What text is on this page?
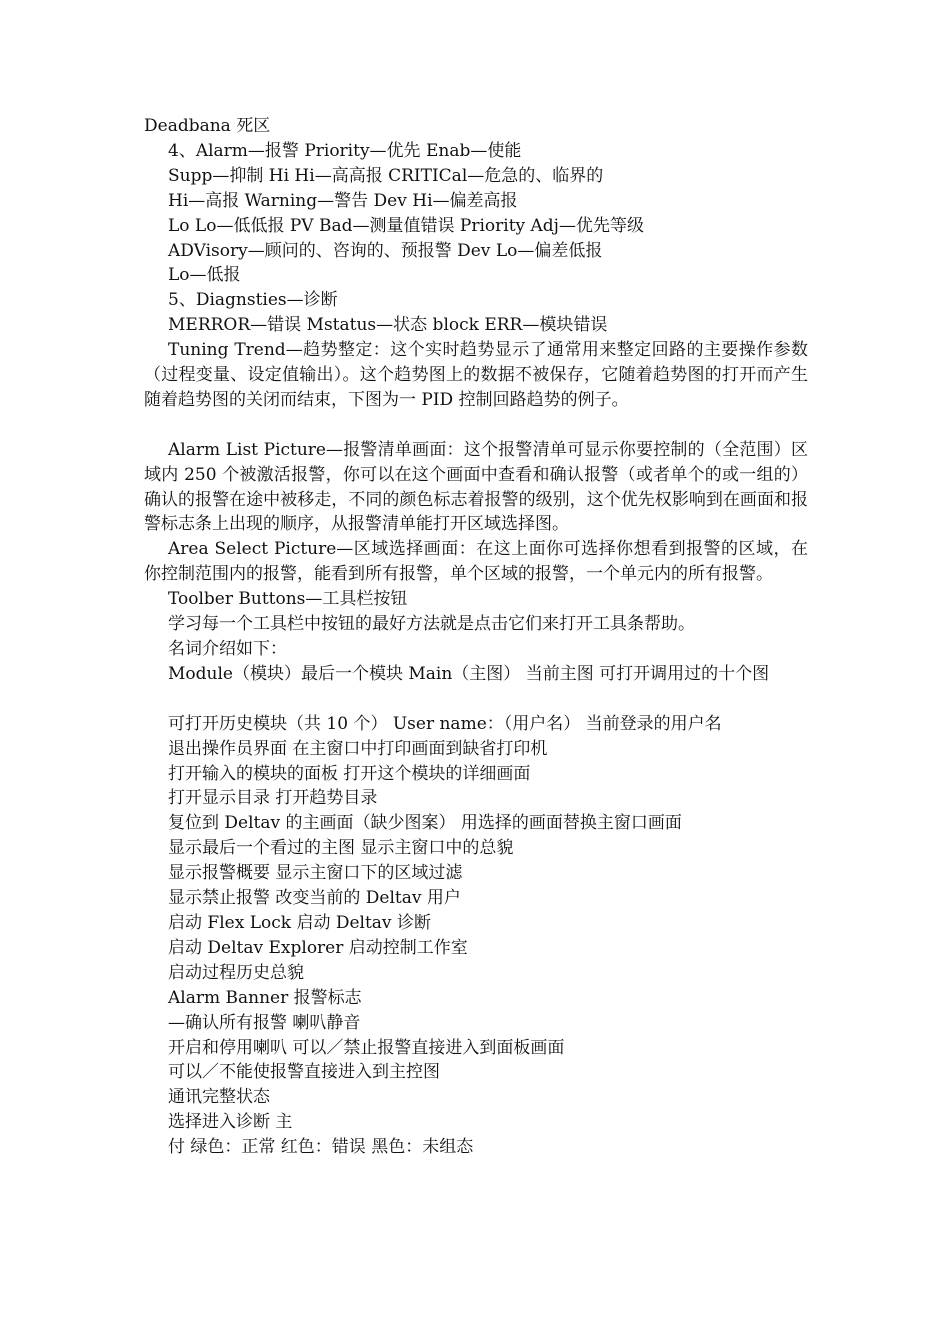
Deadbana 死区
4、Alarm—报警 Priority—优先 Enab—使能
Supp—抑制 Hi Hi—高高报 CRITICal—危急的、临界的
Hi—高报 Warning—警告 Dev Hi—偏差高报
Lo Lo—低低报 PV Bad—测量值错误 Priority Adj—优先等级
ADVisory—顾问的、咨询的、预报警 Dev Lo—偏差低报
Lo—低报
5、Diagnsties—诊断
MERROR—错误 Mstatus—状态 block ERR—模块错误
Tuning Trend—趋势整定：这个实时趋势显示了通常用来整定回路的主要操作参数（过程变量、设定值输出）。这个趋势图上的数据不被保存，它随着趋势图的打开而产生随着趋势图的关闭而结束，下图为一 PID 控制回路趋势的例子。
Alarm List Picture—报警清单画面：这个报警清单可显示你要控制的（全范围）区域内 250 个被激活报警，你可以在这个画面中查看和确认报警（或者单个的或一组的）确认的报警在途中被移走，不同的颜色标志着报警的级别，这个优先权影响到在画面和报警标志条上出现的顺序，从报警清单能打开区域选择图。
Area Select Picture—区域选择画面：在这上面你可选择你想看到报警的区域，在你控制范围内的报警，能看到所有报警，单个区域的报警，一个单元内的所有报警。
Toolber Buttons—工具栏按钮
学习每一个工具栏中按钮的最好方法就是点击它们来打开工具条帮助。
名词介绍如下：
Module（模块）最后一个模块 Main（主图） 当前主图 可打开调用过的十个图
可打开历史模块（共 10 个） User name：（用户名） 当前登录的用户名
退出操作员界面 在主窗口中打印画面到缺省打印机
打开输入的模块的面板 打开这个模块的详细画面
打开显示目录 打开趋势目录
复位到 Deltav 的主画面（缺少图案） 用选择的画面替换主窗口画面
显示最后一个看过的主图 显示主窗口中的总貌
显示报警概要 显示主窗口下的区域过滤
显示禁止报警 改变当前的 Deltav 用户
启动 Flex Lock 启动 Deltav 诊断
启动 Deltav Explorer 启动控制工作室
启动过程历史总貌
Alarm Banner 报警标志
—确认所有报警 喇叭静音
开启和停用喇叭 可以／禁止报警直接进入到面板画面
可以／不能使报警直接进入到主控图
通讯完整状态
选择进入诊断 主
付 绿色：正常 红色：错误 黑色：未组态
